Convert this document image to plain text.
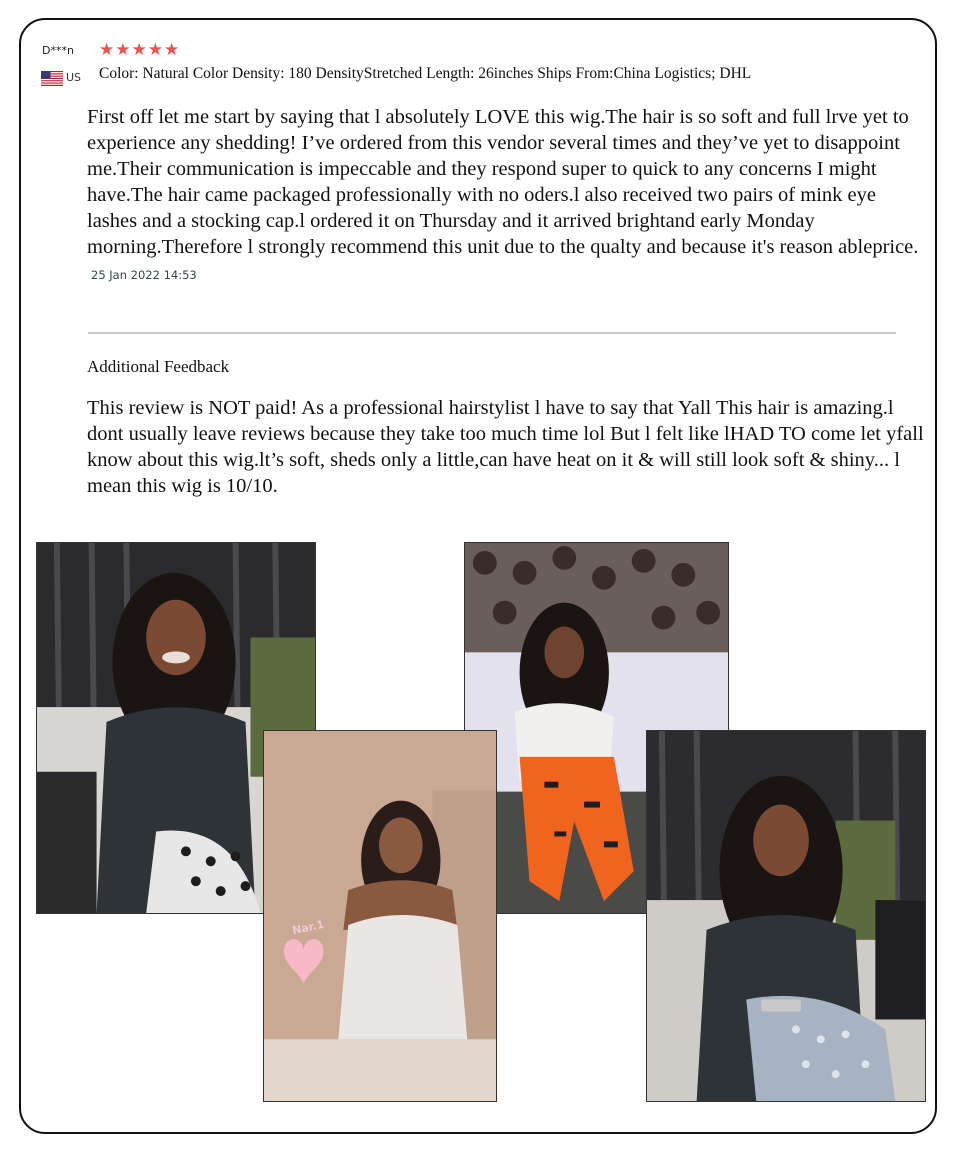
D***n ★ ★ ★ ★ ★
US Color: Natural Color Density: 180 DensityStretched Length: 26inches Ships From:China Logistics; DHL
First off let me start by saying that l absolutely LOVE this wig.The hair is so soft and full lrve yet to experience any shedding! I’ve ordered from this vendor several times and they’ve yet to disappoint me.Their communication is impeccable and they respond super to quick to any concerns I might have.The hair came packaged professionally with no oders.l also received two pairs of mink eye lashes and a stocking cap.l ordered it on Thursday and it arrived brightand early Monday morning.Therefore l strongly recommend this unit due to the qualty and because it's reason ableprice. 25 Jan 2022 14:53
Additional Feedback
This review is NOT paid! As a professional hairstylist l have to say that Yall This hair is amazing.l dont usually leave reviews because they take too much time lol But l felt like lHAD TO come let yfall know about this wig.lt’s soft, sheds only a little,can have heat on it & will still look soft & shiny... l mean this wig is 10/10.
Nar.1
